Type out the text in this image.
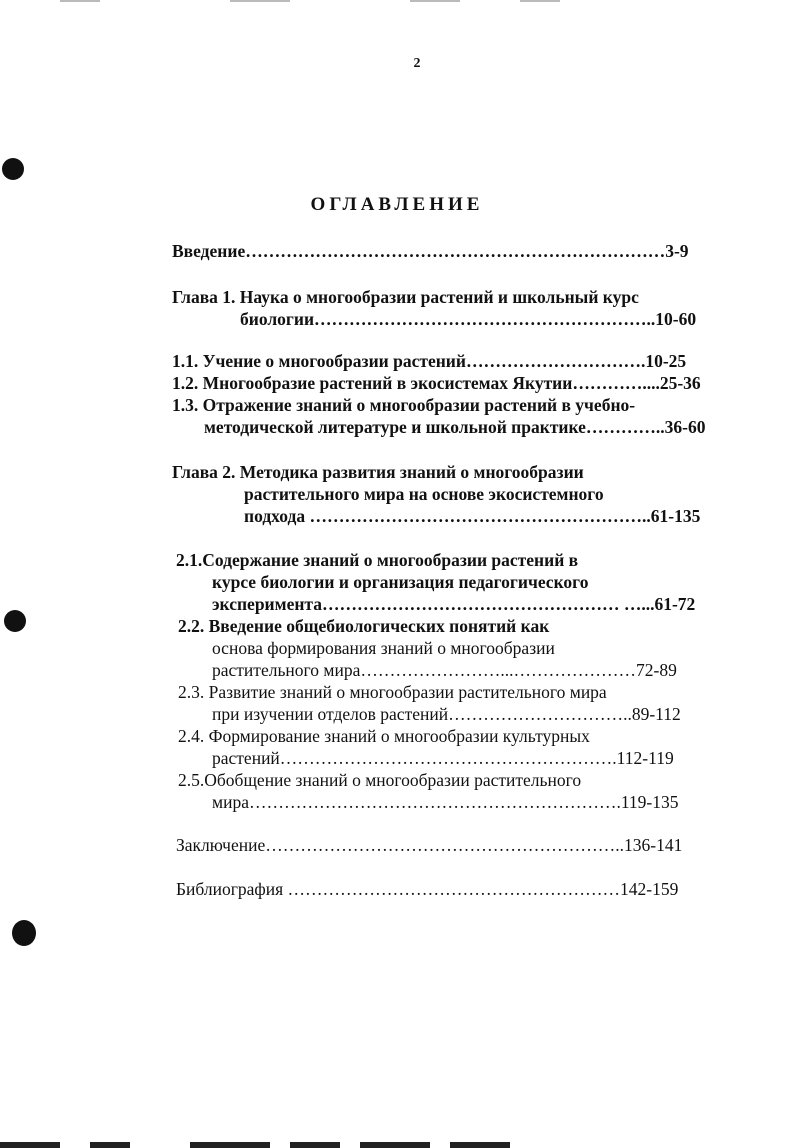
2
ОГЛАВЛЕНИЕ
Введение………………………………………………………………3-9
Глава 1. Наука о многообразии растений и школьный курс
биологии…………………………………………………..10-60
1.1. Учение о многообразии растений………………………….10-25
1.2. Многообразие растений в экосистемах Якутии…………....25-36
1.3. Отражение знаний о многообразии растений в учебно-
методической литературе и школьной практике…………..36-60
Глава 2. Методика развития знаний о многообразии
растительного мира на основе экосистемного
подхода …………………………………………………..61-135
2.1.Содержание знаний о многообразии растений в
курсе биологии и организация педагогического
эксперимента…………………………………………… …...61-72
2.2. Введение общебиологических понятий как
основа формирования знаний о многообразии
растительного мира……………………...…………………72-89
2.3. Развитие знаний о многообразии растительного мира
при изучении отделов растений…………………………..89-112
2.4. Формирование знаний о многообразии культурных
растений………………………………………………….112-119
2.5.Обобщение знаний о многообразии растительного
мира……………………………………………………….119-135
Заключение……………………………………………………..136-141
Библиография …………………………………………………142-159
